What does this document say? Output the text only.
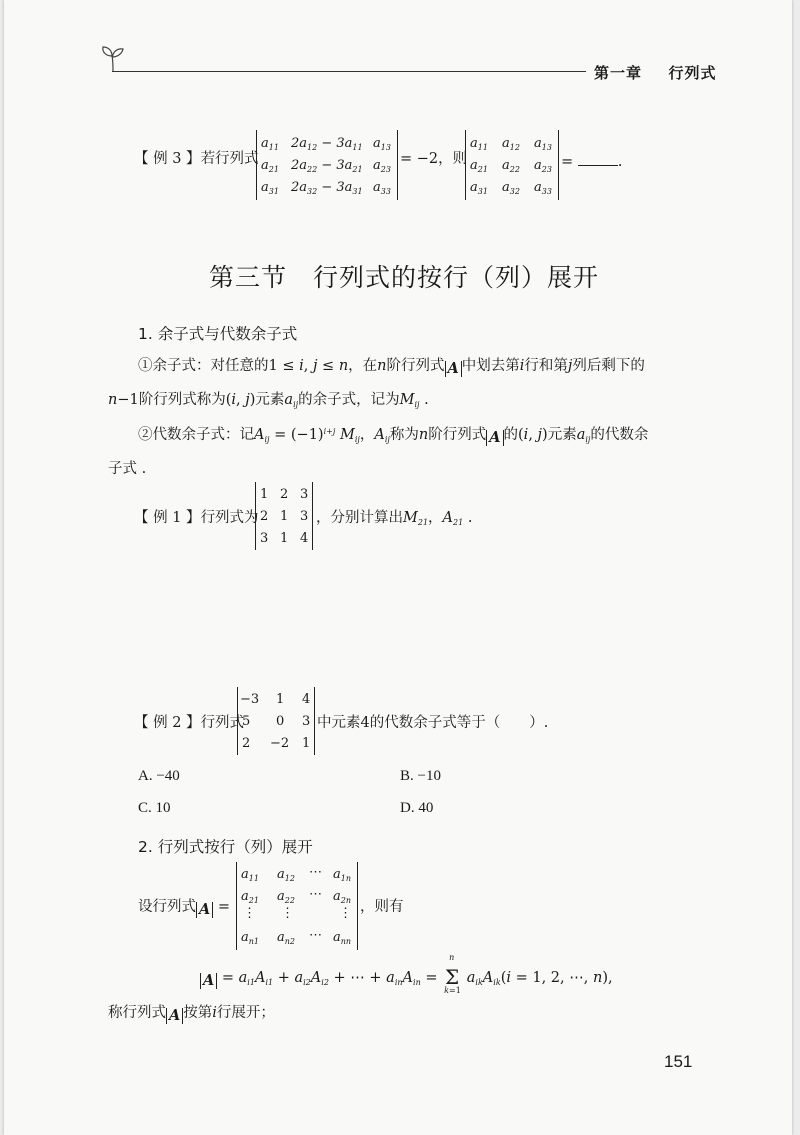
第一章 行列式
【 例 3 】若行列式
$a_{11}$ $2a_{12} - 3a_{11}$ $a_{13}$
$a_{21}$ $2a_{22} - 3a_{21}$ $a_{23}$
$a_{31}$ $2a_{32} - 3a_{31}$ $a_{33}$
= −2，则
$a_{11}$ $a_{12}$ $a_{13}$
$a_{21}$ $a_{22}$ $a_{23}$
$a_{31}$ $a_{32}$ $a_{33}$
=	.
第三节　行列式的按行（列）展开
1. 余子式与代数余子式
①余子式：对任意的1 ≤ i, j ≤ n，在n阶行列式 A 中划去第i行和第j列后剩下的
n−1阶行列式称为(i, j)元素$a_{ij}$的余子式，记为$M_{ij}$ .
②代数余子式：记$A_{ij} = (-1)^{i+j}$ $M_{ij}$，$A_{ij}$称为n阶行列式 A 的(i, j)元素$a_{ij}$的代数余
子式 .
【 例 1 】行列式为
1 2 3
2 1 3
3 1 4
，分别计算出$M_{21}$，$A_{21}$ .
【 例 2 】行列式
−3 1 4
5 0 3
2 −2 1
中元素4的代数余子式等于（　　）.
A. −40	B. −10
C. 10	D. 40
2. 行列式按行（列）展开
设行列式 A =
$a_{11}$ $a_{12}$ ⋯ $a_{1n}$
$a_{21}$ $a_{22}$ ⋯ $a_{2n}$
⋮ ⋮	⋮
$a_{n1}$ $a_{n2}$ ⋯ $a_{nn}$
，则有
$A = a_{i1}A_{i1} + a_{i2}A_{i2}$ + ⋯ + $a_{in}A_{in}$ =
n
Σ
k=1
$a_{ik}A_{ik}(i = 1$, 2, ⋯, n),
称行列式 A 按第i行展开；
151
